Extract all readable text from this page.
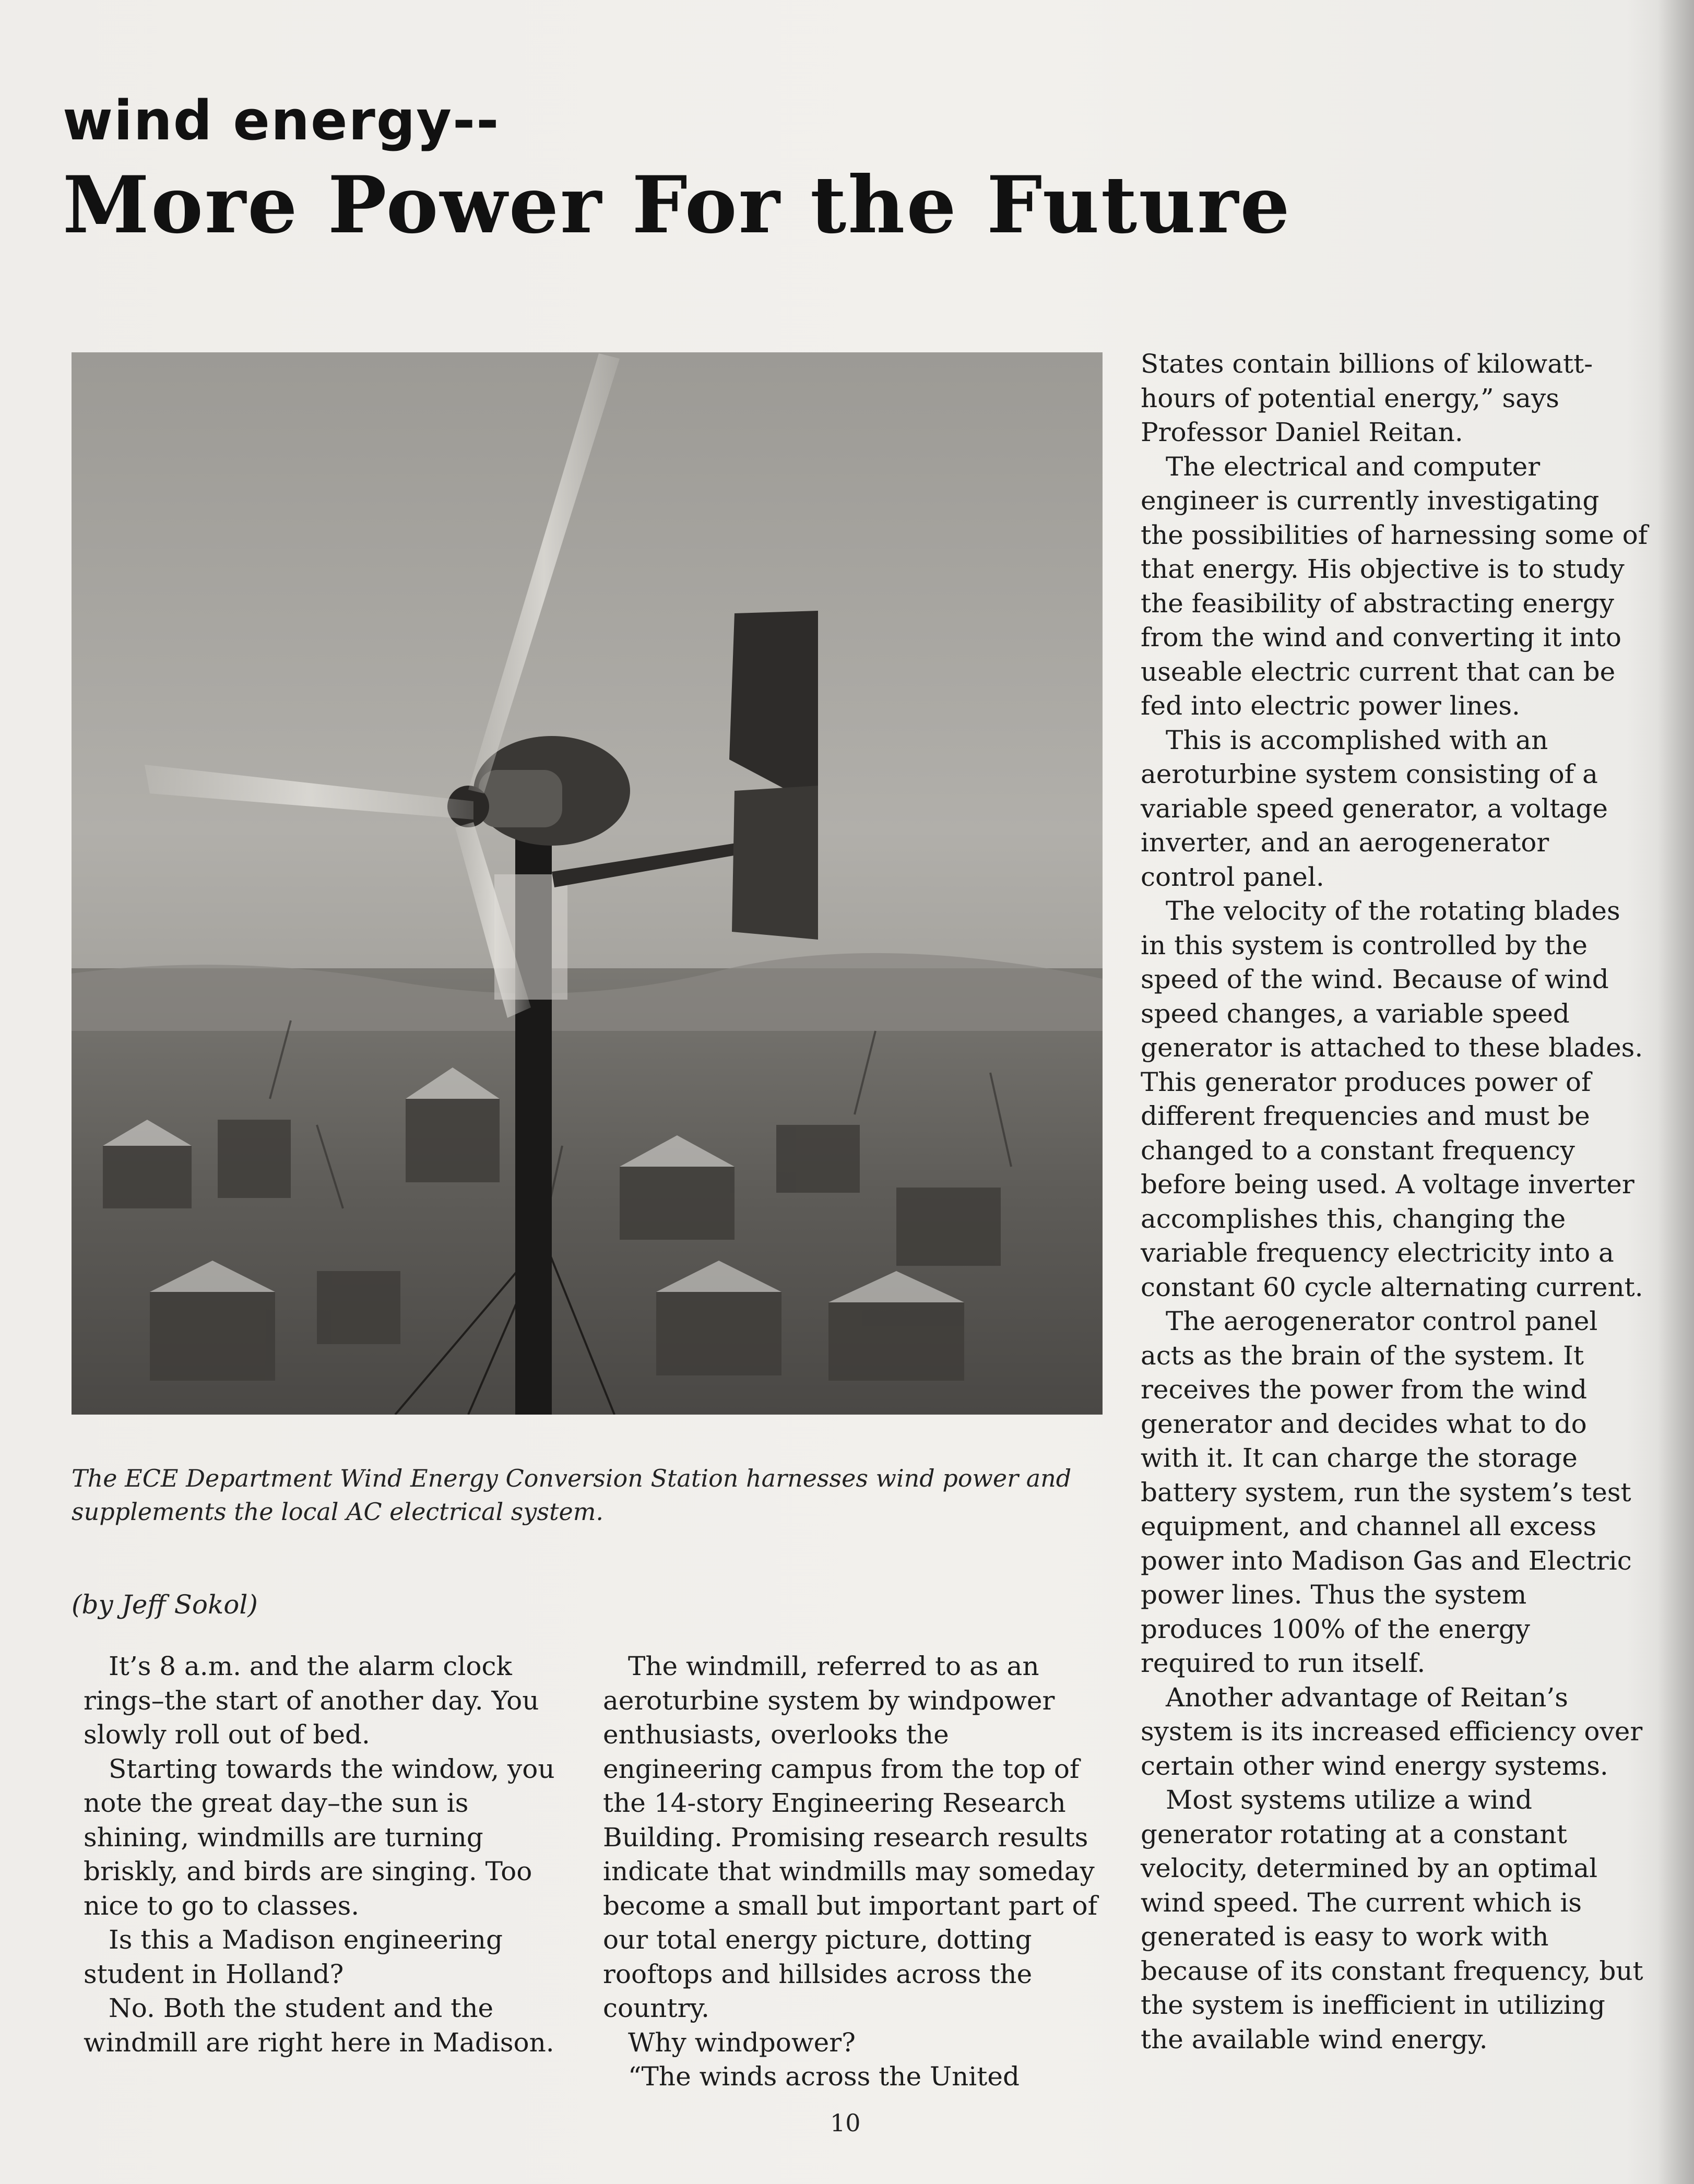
wind energy--
More Power For the Future

The ECE Department Wind Energy Conversion Station harnesses wind power and supplements the local AC electrical system.

(by Jeff Sokol)

It’s 8 a.m. and the alarm clock rings–the start of another day. You slowly roll out of bed.

Starting towards the window, you note the great day–the sun is shining, windmills are turning briskly, and birds are singing. Too nice to go to classes.

Is this a Madison engineering student in Holland?

No. Both the student and the windmill are right here in Madison.

The windmill, referred to as an aeroturbine system by windpower enthusiasts, overlooks the engineering campus from the top of the 14-story Engineering Research Building. Promising research results indicate that windmills may someday become a small but important part of our total energy picture, dotting rooftops and hillsides across the country.

Why windpower?

“The winds across the United

States contain billions of kilowatt-hours of potential energy,” says Professor Daniel Reitan.

The electrical and computer engineer is currently investigating the possibilities of harnessing some of that energy. His objective is to study the feasibility of abstracting energy from the wind and converting it into useable electric current that can be fed into electric power lines.

This is accomplished with an aeroturbine system consisting of a variable speed generator, a voltage inverter, and an aerogenerator control panel.

The velocity of the rotating blades in this system is controlled by the speed of the wind. Because of wind speed changes, a variable speed generator is attached to these blades. This generator produces power of different frequencies and must be changed to a constant frequency before being used. A voltage inverter accomplishes this, changing the variable frequency electricity into a constant 60 cycle alternating current.

The aerogenerator control panel acts as the brain of the system. It receives the power from the wind generator and decides what to do with it. It can charge the storage battery system, run the system’s test equipment, and channel all excess power into Madison Gas and Electric power lines. Thus the system produces 100% of the energy required to run itself.

Another advantage of Reitan’s system is its increased efficiency over certain other wind energy systems.

Most systems utilize a wind generator rotating at a constant velocity, determined by an optimal wind speed. The current which is generated is easy to work with because of its constant frequency, but the system is inefficient in utilizing the available wind energy.

10
